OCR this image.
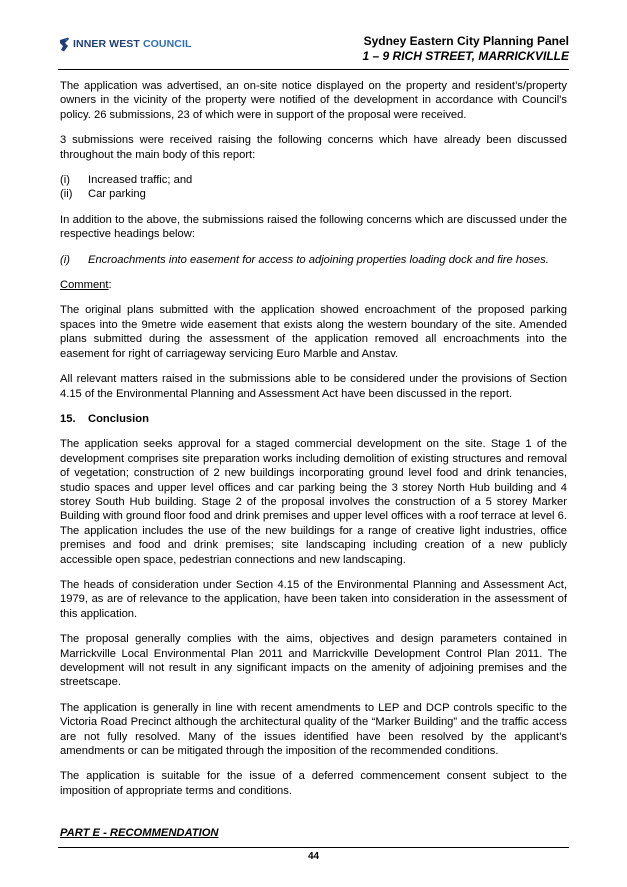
INNER WEST COUNCIL	Sydney Eastern City Planning Panel
1 – 9 RICH STREET, MARRICKVILLE

The application was advertised, an on-site notice displayed on the property and resident’s/property owners in the vicinity of the property were notified of the development in accordance with Council's policy. 26 submissions, 23 of which were in support of the proposal were received.

3 submissions were received raising the following concerns which have already been discussed throughout the main body of this report:

(i)	Increased traffic; and
(ii)	Car parking

In addition to the above, the submissions raised the following concerns which are discussed under the respective headings below:

(i)	Encroachments into easement for access to adjoining properties loading dock and fire hoses.

Comment:

The original plans submitted with the application showed encroachment of the proposed parking spaces into the 9metre wide easement that exists along the western boundary of the site. Amended plans submitted during the assessment of the application removed all encroachments into the easement for right of carriageway servicing Euro Marble and Anstav.

All relevant matters raised in the submissions able to be considered under the provisions of Section 4.15 of the Environmental Planning and Assessment Act have been discussed in the report.

15.	Conclusion

The application seeks approval for a staged commercial development on the site. Stage 1 of the development comprises site preparation works including demolition of existing structures and removal of vegetation; construction of 2 new buildings incorporating ground level food and drink tenancies, studio spaces and upper level offices and car parking being the 3 storey North Hub building and 4 storey South Hub building. Stage 2 of the proposal involves the construction of a 5 storey Marker Building with ground floor food and drink premises and upper level offices with a roof terrace at level 6. The application includes the use of the new buildings for a range of creative light industries, office premises and food and drink premises; site landscaping including creation of a new publicly accessible open space, pedestrian connections and new landscaping.

The heads of consideration under Section 4.15 of the Environmental Planning and Assessment Act, 1979, as are of relevance to the application, have been taken into consideration in the assessment of this application.

The proposal generally complies with the aims, objectives and design parameters contained in Marrickville Local Environmental Plan 2011 and Marrickville Development Control Plan 2011. The development will not result in any significant impacts on the amenity of adjoining premises and the streetscape.

The application is generally in line with recent amendments to LEP and DCP controls specific to the Victoria Road Precinct although the architectural quality of the “Marker Building” and the traffic access are not fully resolved. Many of the issues identified have been resolved by the applicant’s amendments or can be mitigated through the imposition of the recommended conditions.

The application is suitable for the issue of a deferred commencement consent subject to the imposition of appropriate terms and conditions.

PART E - RECOMMENDATION
44
